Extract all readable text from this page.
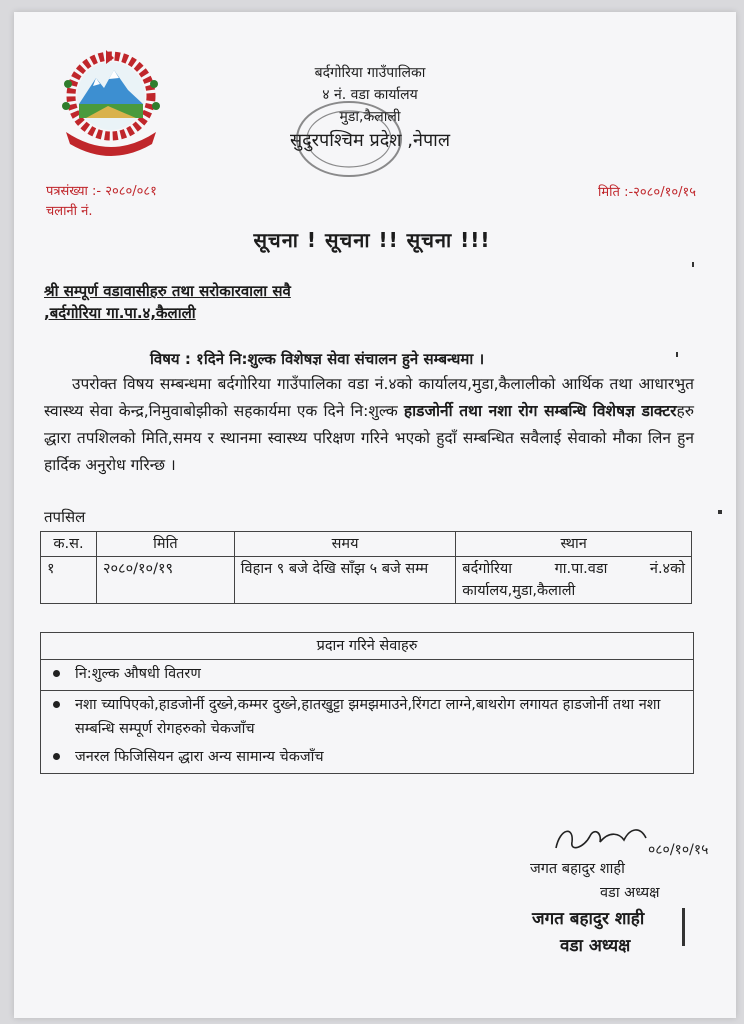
बर्दगोरिया गाउँपालिका
४ नं. वडा कार्यालय
मुडा,कैलाली
सुदुरपश्चिम प्रदेश ,नेपाल
पत्रसंख्या :- २०८०/०८१
चलानी नं.
मिति :-२०८०/१०/१५
सूचना ! सूचना !! सूचना !!!
श्री सम्पूर्ण वडावासीहरु तथा सरोकारवाला सवै
,बर्दगोरिया गा.पा.४,कैलाली
विषय : १दिने नि:शुल्क विशेषज्ञ सेवा संचालन हुने सम्बन्धमा ।
उपरोक्त विषय सम्बन्धमा बर्दगोरिया गाउँपालिका वडा नं.४को कार्यालय,मुडा,कैलालीको आर्थिक तथा आधारभुत स्वास्थ्य सेवा केन्द्र,निमुवाबोझीको सहकार्यमा एक दिने नि:शुल्क हाडजोर्नी तथा नशा रोग सम्बन्धि विशेषज्ञ डाक्टरहरु द्धारा तपशिलको मिति,समय र स्थानमा स्वास्थ्य परिक्षण गरिने भएको हुदाँ सम्बन्धित सवैलाई सेवाको मौका लिन हुन हार्दिक अनुरोध गरिन्छ ।
तपसिल
क.स.	मिति	समय	स्थान
१	२०८०/१०/१९	विहान ९ बजे देखि साँझ ५ बजे सम्म	बर्दगोरिया गा.पा.वडा नं.४को कार्यालय,मुडा,कैलाली
प्रदान गरिने सेवाहरु
नि:शुल्क औषधी वितरण
नशा च्यापिएको,हाडजोर्नी दुख्ने,कम्मर दुख्ने,हातखुट्टा झमझमाउने,रिंगटा लाग्ने,बाथरोग लगायत हाडजोर्नी तथा नशा सम्बन्धि सम्पूर्ण रोगहरुको चेकजाँच
जनरल फिजिसियन द्धारा अन्य सामान्य चेकजाँच
०८०/१०/१५
जगत बहादुर शाही
वडा अध्यक्ष
जगत बहादुर शाही
वडा अध्यक्ष
